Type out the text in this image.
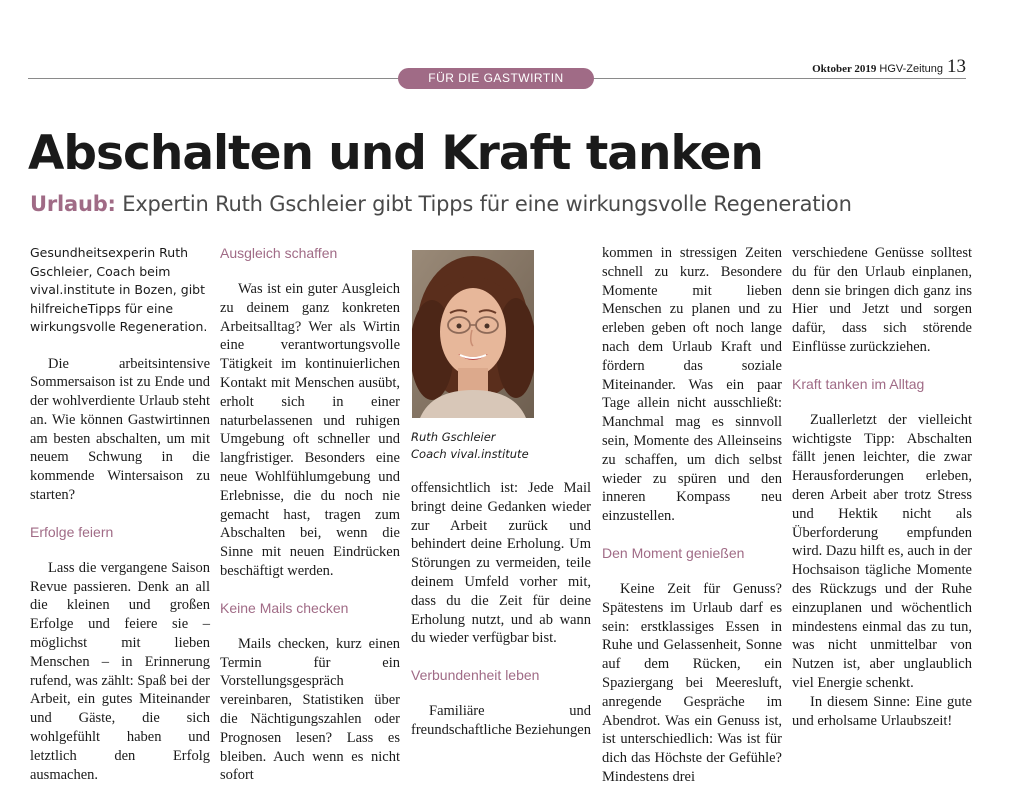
FÜR DIE GASTWIRTIN
Oktober 2019 HGV-Zeitung 13
Abschalten und Kraft tanken
Urlaub: Expertin Ruth Gschleier gibt Tipps für eine wirkungsvolle Regeneration

Gesundheitsexperin Ruth Gschleier, Coach beim vival.institute in Bozen, gibt hilfreicheTipps für eine wirkungsvolle Regeneration.

Die arbeitsintensive Sommersaison ist zu Ende und der wohlverdiente Urlaub steht an. Wie können Gastwirtinnen am besten abschalten, um mit neuem Schwung in die kommende Wintersaison zu starten?

Erfolge feiern

Lass die vergangene Saison Revue passieren. Denk an all die kleinen und großen Erfolge und feiere sie – möglichst mit lieben Menschen – in Erinnerung rufend, was zählt: Spaß bei der Arbeit, ein gutes Miteinander und Gäste, die sich wohlgefühlt haben und letztlich den Erfolg ausmachen.

Ausgleich schaffen

Was ist ein guter Ausgleich zu deinem ganz konkreten Arbeitsalltag? Wer als Wirtin eine verantwortungsvolle Tätigkeit im kontinuierlichen Kontakt mit Menschen ausübt, erholt sich in einer naturbelassenen und ruhigen Umgebung oft schneller und langfristiger. Besonders eine neue Wohlfühlumgebung und Erlebnisse, die du noch nie gemacht hast, tragen zum Abschalten bei, wenn die Sinne mit neuen Eindrücken beschäftigt werden.

Keine Mails checken

Mails checken, kurz einen Termin für ein Vorstellungsgespräch vereinbaren, Statistiken über die Nächtigungszahlen oder Prognosen lesen? Lass es bleiben. Auch wenn es nicht sofort

Ruth Gschleier
Coach vival.institute

offensichtlich ist: Jede Mail bringt deine Gedanken wieder zur Arbeit zurück und behindert deine Erholung. Um Störungen zu vermeiden, teile deinem Umfeld vorher mit, dass du die Zeit für deine Erholung nutzt, und ab wann du wieder verfügbar bist.

Verbundenheit leben

Familiäre und freundschaftliche Beziehungen

kommen in stressigen Zeiten schnell zu kurz. Besondere Momente mit lieben Menschen zu planen und zu erleben geben oft noch lange nach dem Urlaub Kraft und fördern das soziale Miteinander. Was ein paar Tage allein nicht ausschließt: Manchmal mag es sinnvoll sein, Momente des Alleinseins zu schaffen, um dich selbst wieder zu spüren und den inneren Kompass neu einzustellen.

Den Moment genießen

Keine Zeit für Genuss? Spätestens im Urlaub darf es sein: erstklassiges Essen in Ruhe und Gelassenheit, Sonne auf dem Rücken, ein Spaziergang bei Meeresluft, anregende Gespräche im Abendrot. Was ein Genuss ist, ist unterschiedlich: Was ist für dich das Höchste der Gefühle? Mindestens drei

verschiedene Genüsse solltest du für den Urlaub einplanen, denn sie bringen dich ganz ins Hier und Jetzt und sorgen dafür, dass sich störende Einflüsse zurückziehen.

Kraft tanken im Alltag

Zuallerletzt der vielleicht wichtigste Tipp: Abschalten fällt jenen leichter, die zwar Herausforderungen erleben, deren Arbeit aber trotz Stress und Hektik nicht als Überforderung empfunden wird. Dazu hilft es, auch in der Hochsaison tägliche Momente des Rückzugs und der Ruhe einzuplanen und wöchentlich mindestens einmal das zu tun, was nicht unmittelbar von Nutzen ist, aber unglaublich viel Energie schenkt.

In diesem Sinne: Eine gute und erholsame Urlaubszeit!
